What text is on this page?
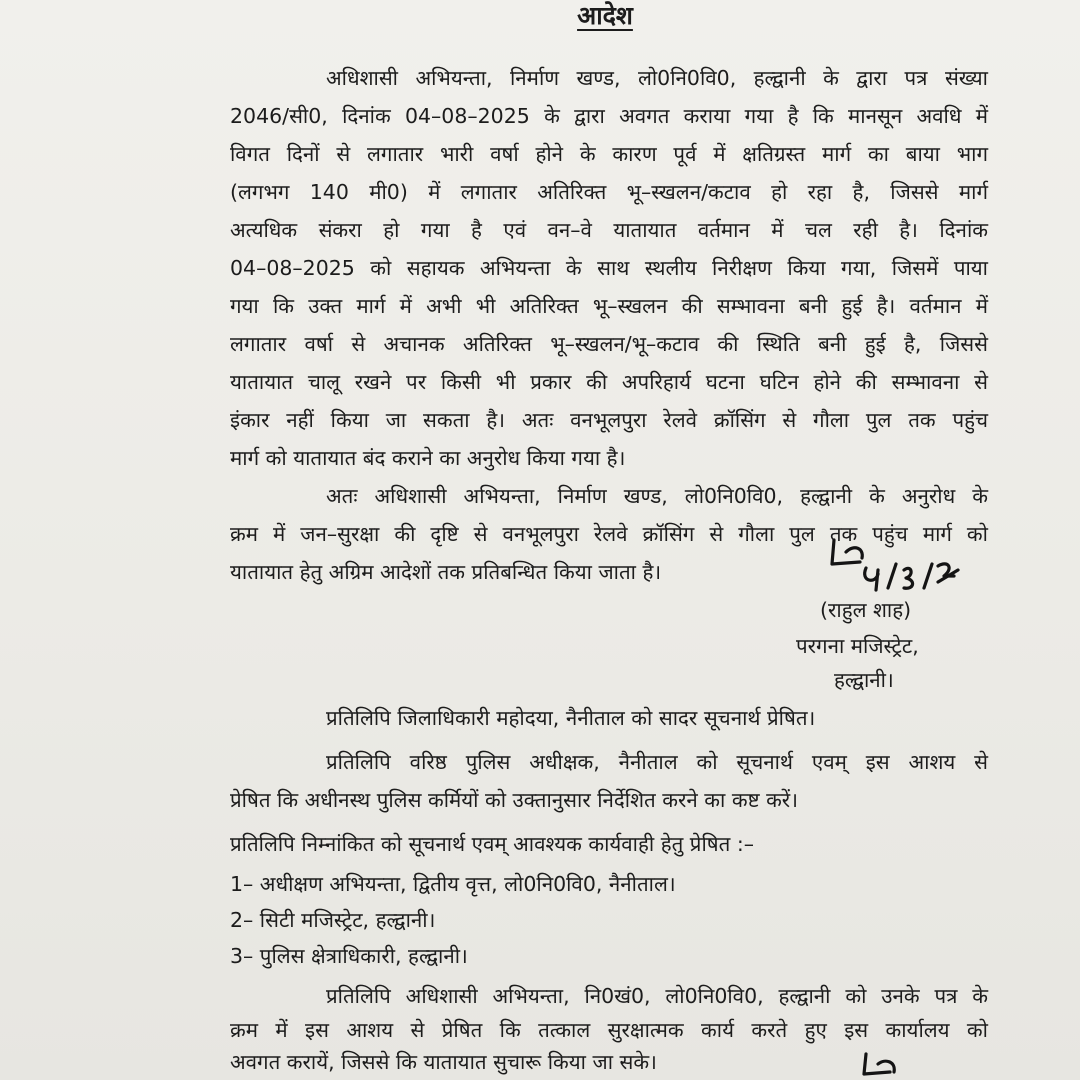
आदेश
अधिशासी अभियन्ता, निर्माण खण्ड, लो0नि0वि0, हल्द्वानी के द्वारा पत्र संख्या
2046/सी0, दिनांक 04–08–2025 के द्वारा अवगत कराया गया है कि मानसून अवधि में
विगत दिनों से लगातार भारी वर्षा होने के कारण पूर्व में क्षतिग्रस्त मार्ग का बाया भाग
(लगभग 140 मी0) में लगातार अतिरिक्त भू–स्खलन/कटाव हो रहा है, जिससे मार्ग
अत्यधिक संकरा हो गया है एवं वन–वे यातायात वर्तमान में चल रही है। दिनांक
04–08–2025 को सहायक अभियन्ता के साथ स्थलीय निरीक्षण किया गया, जिसमें पाया
गया कि उक्त मार्ग में अभी भी अतिरिक्त भू–स्खलन की सम्भावना बनी हुई है। वर्तमान में
लगातार वर्षा से अचानक अतिरिक्त भू–स्खलन/भू–कटाव की स्थिति बनी हुई है, जिससे
यातायात चालू रखने पर किसी भी प्रकार की अपरिहार्य घटना घटिन होने की सम्भावना से
इंकार नहीं किया जा सकता है। अतः वनभूलपुरा रेलवे क्रॉसिंग से गौला पुल तक पहुंच
मार्ग को यातायात बंद कराने का अनुरोध किया गया है।
अतः अधिशासी अभियन्ता, निर्माण खण्ड, लो0नि0वि0, हल्द्वानी के अनुरोध के
क्रम में जन–सुरक्षा की दृष्टि से वनभूलपुरा रेलवे क्रॉसिंग से गौला पुल तक पहुंच मार्ग को
यातायात हेतु अग्रिम आदेशों तक प्रतिबन्धित किया जाता है।
(राहुल शाह)
परगना मजिस्ट्रेट,
हल्द्वानी।
प्रतिलिपि जिलाधिकारी महोदया, नैनीताल को सादर सूचनार्थ प्रेषित।
प्रतिलिपि वरिष्ठ पुलिस अधीक्षक, नैनीताल को सूचनार्थ एवम् इस आशय से
प्रेषित कि अधीनस्थ पुलिस कर्मियों को उक्तानुसार निर्देशित करने का कष्ट करें।
प्रतिलिपि निम्नांकित को सूचनार्थ एवम् आवश्यक कार्यवाही हेतु प्रेषित :–
1– अधीक्षण अभियन्ता, द्वितीय वृत्त, लो0नि0वि0, नैनीताल।
2– सिटी मजिस्ट्रेट, हल्द्वानी।
3– पुलिस क्षेत्राधिकारी, हल्द्वानी।
प्रतिलिपि अधिशासी अभियन्ता, नि0खं0, लो0नि0वि0, हल्द्वानी को उनके पत्र के
क्रम में इस आशय से प्रेषित कि तत्काल सुरक्षात्मक कार्य करते हुए इस कार्यालय को
अवगत करायें, जिससे कि यातायात सुचारू किया जा सके।
